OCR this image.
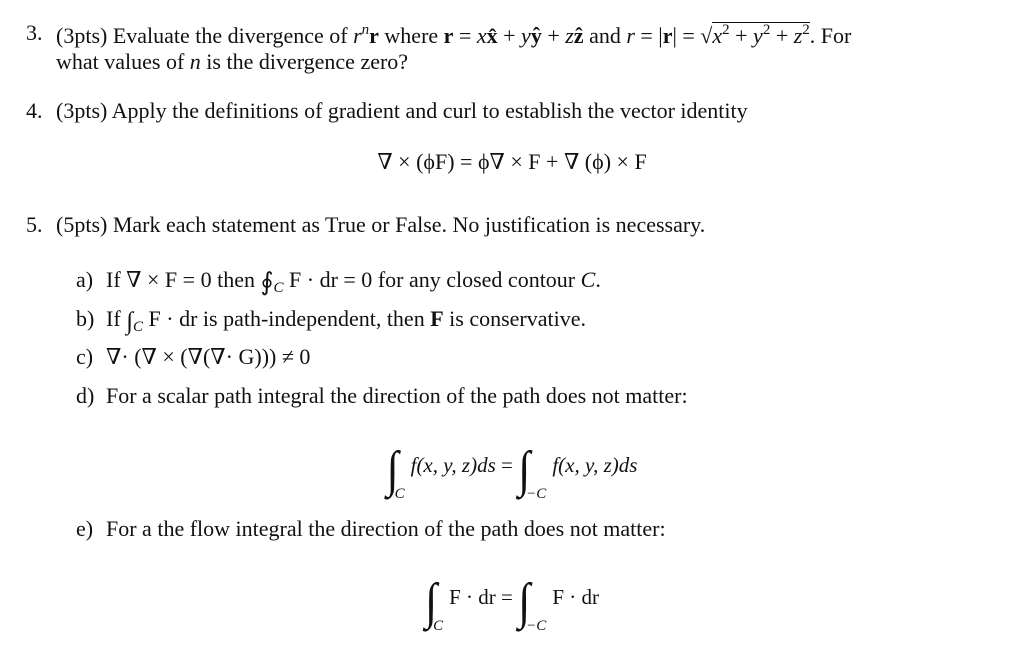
3. (3pts) Evaluate the divergence of $r^nr$ where r = xx̂ + yŷ + zẑ and $r = |r| = √x^2 + y^2 + z^2$. For
what values of n is the divergence zero?
4. (3pts) Apply the definitions of gradient and curl to establish the vector identity
∇ × (ϕF) = ϕ∇ × F + ∇ (ϕ) × F
5. (5pts) Mark each statement as True or False. No justification is necessary.
a) If ∇ × F = 0 then $∮_C$ F · dr = 0 for any closed contour C.
b) If $\int_C$ F · dr is path-independent, then F is conservative.
c) ∇· (∇ × (∇(∇· G))) ≠ 0
d) For a scalar path integral the direction of the path does not matter:
∫Cf(x, y, z)ds = ∫−Cf(x, y, z)ds
e) For a the flow integral the direction of the path does not matter:
∫CF · dr = ∫−CF · dr
